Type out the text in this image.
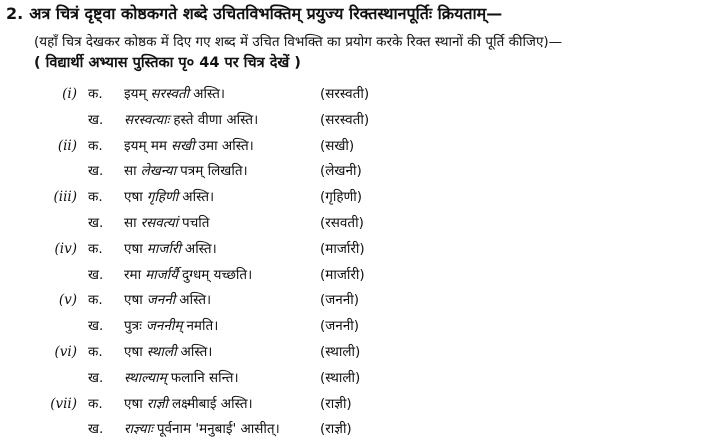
2. अत्र चित्रं दृष्ट्वा कोष्ठकगते शब्दे उचितविभक्तिम् प्रयुज्य रिक्तस्थानपूर्तिः क्रियताम्—
(यहाँ चित्र देखकर कोष्ठक में दिए गए शब्द में उचित विभक्ति का प्रयोग करके रिक्त स्थानों की पूर्ति कीजिए)—
( विद्यार्थी अभ्यास पुस्तिका पृ० 44 पर चित्र देखें )
(i) क. इयम् सरस्वती अस्ति।	(सरस्वती)
ख. सरस्वत्याः हस्ते वीणा अस्ति।	(सरस्वती)
(ii) क. इयम् मम सखी उमा अस्ति।	(सखी)
ख. सा लेखन्या पत्रम् लिखति।	(लेखनी)
(iii) क. एषा गृहिणी अस्ति।	(गृहिणी)
ख. सा रसवत्यां पचति	(रसवती)
(iv) क. एषा मार्जारी अस्ति।	(मार्जारी)
ख. रमा मार्जार्यै दुग्धम् यच्छति।	(मार्जारी)
(v) क. एषा जननी अस्ति।	(जननी)
ख. पुत्रः जननीम् नमति।	(जननी)
(vi) क. एषा स्थाली अस्ति।	(स्थाली)
ख. स्थाल्याम् फलानि सन्ति।	(स्थाली)
(vii) क. एषा राज्ञी लक्ष्मीबाई अस्ति।	(राज्ञी)
ख. राज्ञ्याः पूर्वनाम 'मनुबाई' आसीत्।	(राज्ञी)
